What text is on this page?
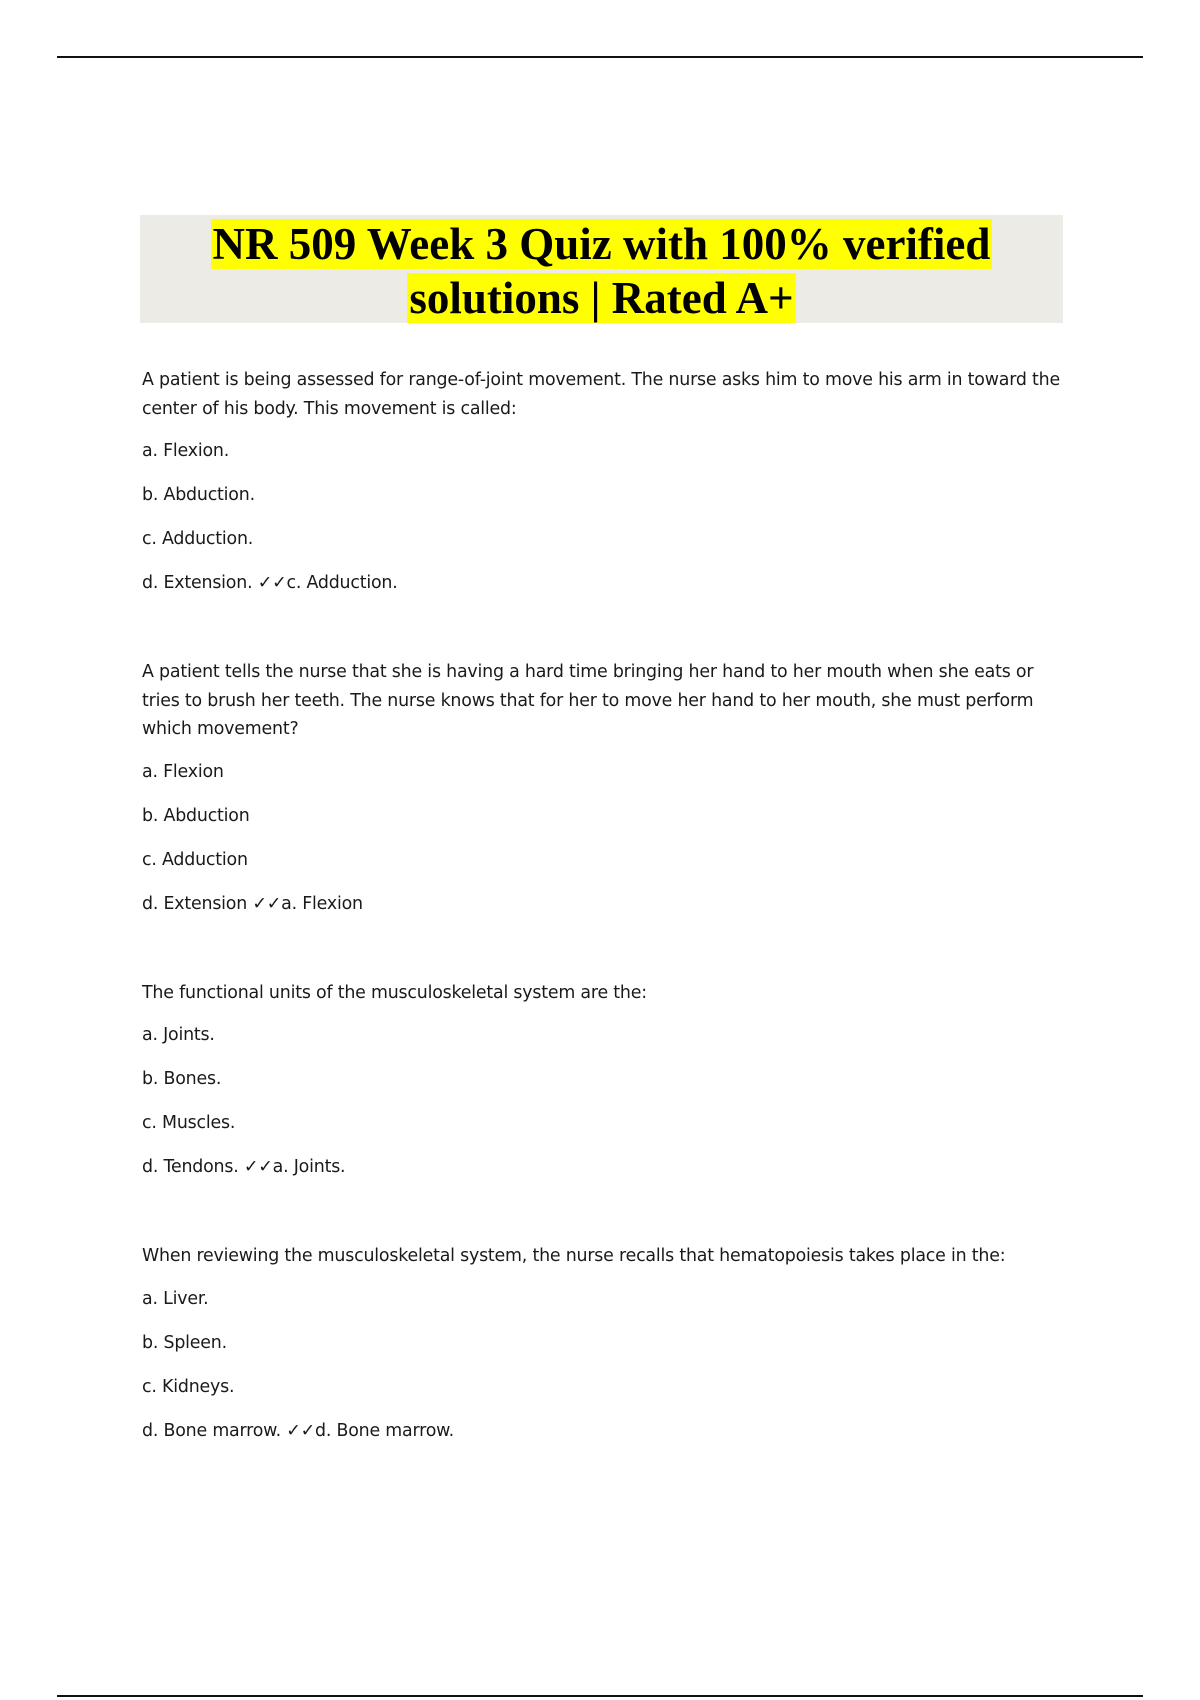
NR 509 Week 3 Quiz with 100% verified
solutions | Rated A+

A patient is being assessed for range-of-joint movement. The nurse asks him to move his arm in toward the center of his body. This movement is called:

a. Flexion.
b. Abduction.
c. Adduction.
d. Extension. ✓✓c. Adduction.

A patient tells the nurse that she is having a hard time bringing her hand to her mouth when she eats or tries to brush her teeth. The nurse knows that for her to move her hand to her mouth, she must perform which movement?

a. Flexion
b. Abduction
c. Adduction
d. Extension ✓✓a. Flexion

The functional units of the musculoskeletal system are the:

a. Joints.
b. Bones.
c. Muscles.
d. Tendons. ✓✓a. Joints.

When reviewing the musculoskeletal system, the nurse recalls that hematopoiesis takes place in the:

a. Liver.
b. Spleen.
c. Kidneys.
d. Bone marrow. ✓✓d. Bone marrow.
